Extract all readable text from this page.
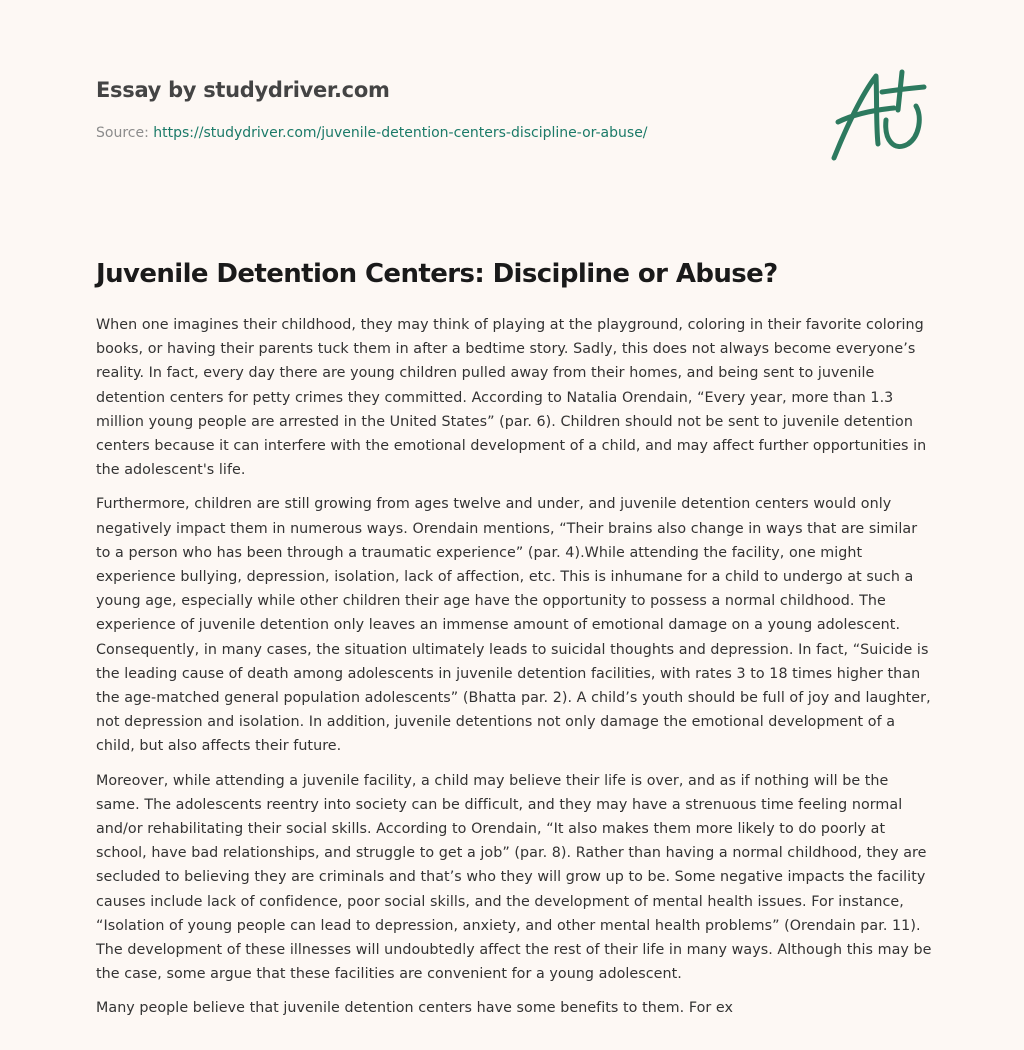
Essay by studydriver.com
Source: https://studydriver.com/juvenile-detention-centers-discipline-or-abuse/
Juvenile Detention Centers: Discipline or Abuse?

When one imagines their childhood, they may think of playing at the playground, coloring in their favorite coloring books, or having their parents tuck them in after a bedtime story. Sadly, this does not always become everyone’s reality. In fact, every day there are young children pulled away from their homes, and being sent to juvenile detention centers for petty crimes they committed. According to Natalia Orendain, “Every year, more than 1.3 million young people are arrested in the United States” (par. 6). Children should not be sent to juvenile detention centers because it can interfere with the emotional development of a child, and may affect further opportunities in the adolescent's life.

Furthermore, children are still growing from ages twelve and under, and juvenile detention centers would only negatively impact them in numerous ways. Orendain mentions, “Their brains also change in ways that are similar to a person who has been through a traumatic experience” (par. 4).While attending the facility, one might experience bullying, depression, isolation, lack of affection, etc. This is inhumane for a child to undergo at such a young age, especially while other children their age have the opportunity to possess a normal childhood. The experience of juvenile detention only leaves an immense amount of emotional damage on a young adolescent. Consequently, in many cases, the situation ultimately leads to suicidal thoughts and depression. In fact, “Suicide is the leading cause of death among adolescents in juvenile detention facilities, with rates 3 to 18 times higher than the age-matched general population adolescents” (Bhatta par. 2). A child’s youth should be full of joy and laughter, not depression and isolation. In addition, juvenile detentions not only damage the emotional development of a child, but also affects their future.

Moreover, while attending a juvenile facility, a child may believe their life is over, and as if nothing will be the same. The adolescents reentry into society can be difficult, and they may have a strenuous time feeling normal and/or rehabilitating their social skills. According to Orendain, “It also makes them more likely to do poorly at school, have bad relationships, and struggle to get a job” (par. 8). Rather than having a normal childhood, they are secluded to believing they are criminals and that’s who they will grow up to be. Some negative impacts the facility causes include lack of confidence, poor social skills, and the development of mental health issues. For instance, “Isolation of young people can lead to depression, anxiety, and other mental health problems” (Orendain par. 11). The development of these illnesses will undoubtedly affect the rest of their life in many ways. Although this may be the case, some argue that these facilities are convenient for a young adolescent.

Many people believe that juvenile detention centers have some benefits to them. For ex
